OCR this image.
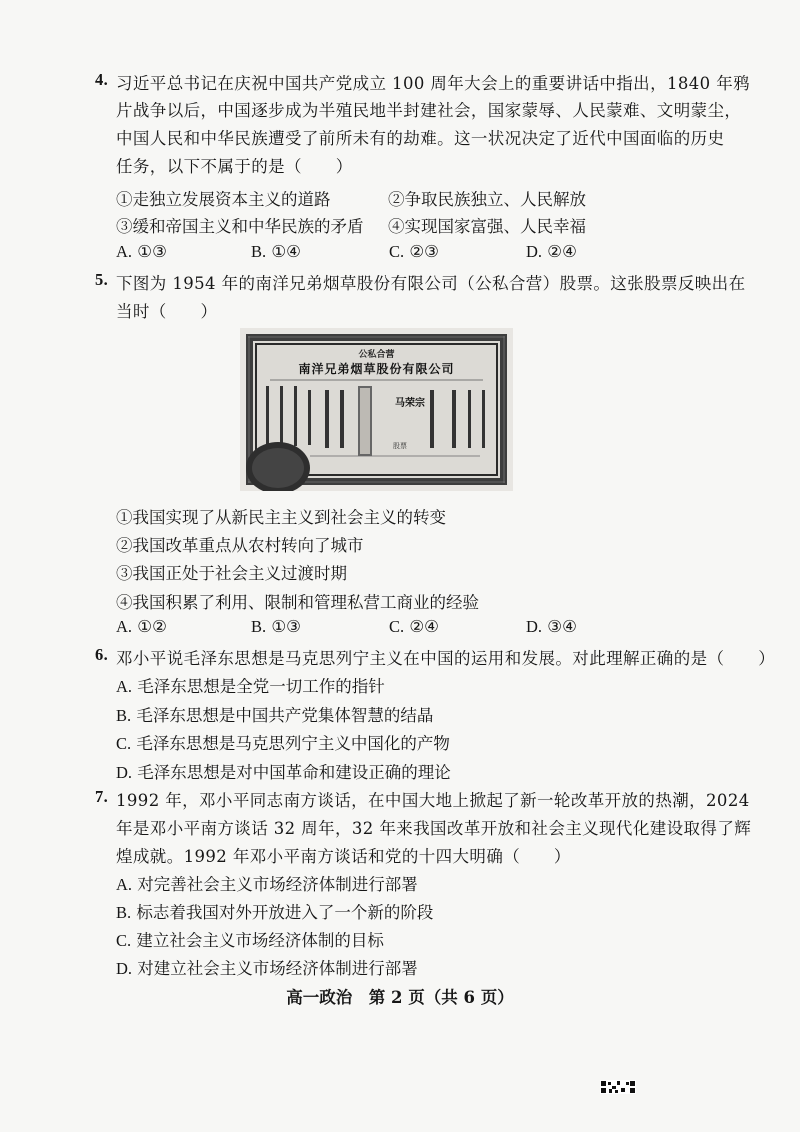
4. 习近平总书记在庆祝中国共产党成立 100 周年大会上的重要讲话中指出，1840 年鸦
片战争以后，中国逐步成为半殖民地半封建社会，国家蒙辱、人民蒙难、文明蒙尘，
中国人民和中华民族遭受了前所未有的劫难。这一状况决定了近代中国面临的历史
任务，以下不属于的是（　　）
①走独立发展资本主义的道路	②争取民族独立、人民解放
③缓和帝国主义和中华民族的矛盾 ④实现国家富强、人民幸福
A. ①③	B. ①④	C. ②③	D. ②④
5. 下图为 1954 年的南洋兄弟烟草股份有限公司（公私合营）股票。这张股票反映出在
当时（　　）
公私合营
南洋兄弟烟草股份有限公司
马荣宗
股票
①我国实现了从新民主主义到社会主义的转变
②我国改革重点从农村转向了城市
③我国正处于社会主义过渡时期
④我国积累了利用、限制和管理私营工商业的经验
A. ①②	B. ①③	C. ②④	D. ③④
6. 邓小平说毛泽东思想是马克思列宁主义在中国的运用和发展。对此理解正确的是（　　）
A. 毛泽东思想是全党一切工作的指针
B. 毛泽东思想是中国共产党集体智慧的结晶
C. 毛泽东思想是马克思列宁主义中国化的产物
D. 毛泽东思想是对中国革命和建设正确的理论
7. 1992 年，邓小平同志南方谈话，在中国大地上掀起了新一轮改革开放的热潮，2024
年是邓小平南方谈话 32 周年，32 年来我国改革开放和社会主义现代化建设取得了辉
煌成就。1992 年邓小平南方谈话和党的十四大明确（　　）
A. 对完善社会主义市场经济体制进行部署
B. 标志着我国对外开放进入了一个新的阶段
C. 建立社会主义市场经济体制的目标
D. 对建立社会主义市场经济体制进行部署
高一政治　第 2 页（共 6 页）
